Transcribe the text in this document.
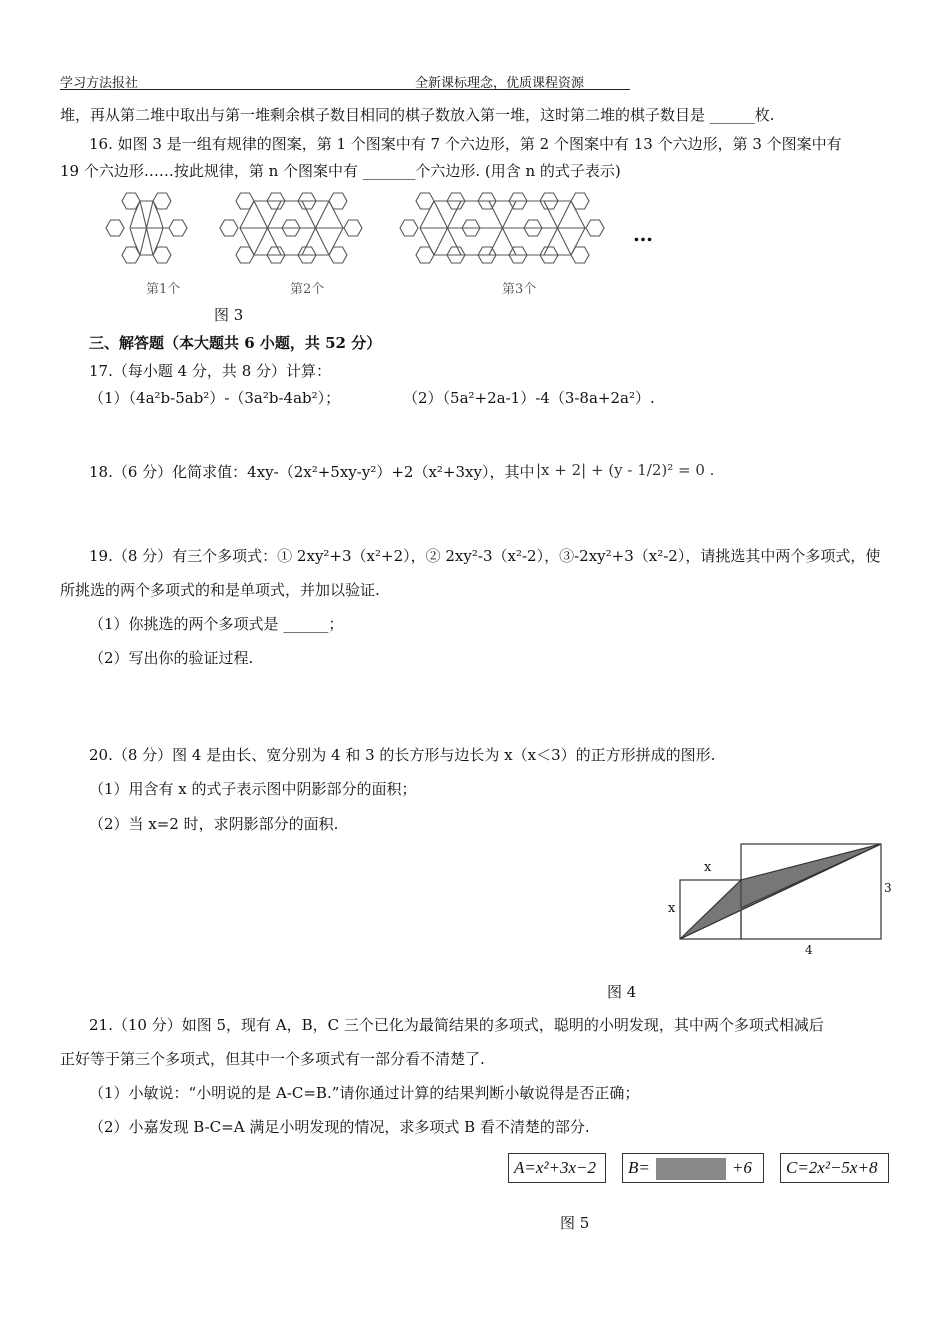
学习方法报社	全新课标理念，优质课程资源
堆，再从第二堆中取出与第一堆剩余棋子数目相同的棋子数放入第一堆，这时第二堆的棋子数目是 ______枚.
16. 如图 3 是一组有规律的图案，第 1 个图案中有 7 个六边形，第 2 个图案中有 13 个六边形，第 3 个图案中有
19 个六边形……按此规律，第 n 个图案中有 _______个六边形. (用含 n 的式子表示)
…
第1个	第2个	第3个
图 3
三、解答题（本大题共 6 小题，共 52 分）
17.（每小题 4 分，共 8 分）计算：
（1）（4a²b-5ab²）-（3a²b-4ab²）；	（2）（5a²+2a-1）-4（3-8a+2a²）.
18.（6 分）化简求值：4xy-（2x²+5xy-y²）+2（x²+3xy），其中 |x + 2| + (y - 1/2)² = 0 .
19.（8 分）有三个多项式：① 2xy²+3（x²+2），② 2xy²-3（x²-2），③-2xy²+3（x²-2），请挑选其中两个多项式，使
所挑选的两个多项式的和是单项式，并加以验证.
（1）你挑选的两个多项式是 ______；
（2）写出你的验证过程.
20.（8 分）图 4 是由长、宽分别为 4 和 3 的长方形与边长为 x（x＜3）的正方形拼成的图形.
（1）用含有 x 的式子表示图中阴影部分的面积；
（2）当 x=2 时，求阴影部分的面积.
x
x
3
4
图 4
21.（10 分）如图 5，现有 A，B，C 三个已化为最简结果的多项式，聪明的小明发现，其中两个多项式相减后
正好等于第三个多项式，但其中一个多项式有一部分看不清楚了.
（1）小敏说：“小明说的是 A-C=B.”请你通过计算的结果判断小敏说得是否正确；
（2）小嘉发现 B-C=A 满足小明发现的情况，求多项式 B 看不清楚的部分.
A=x²+3x−2	B=	+6	C=2x²−5x+8
图 5
